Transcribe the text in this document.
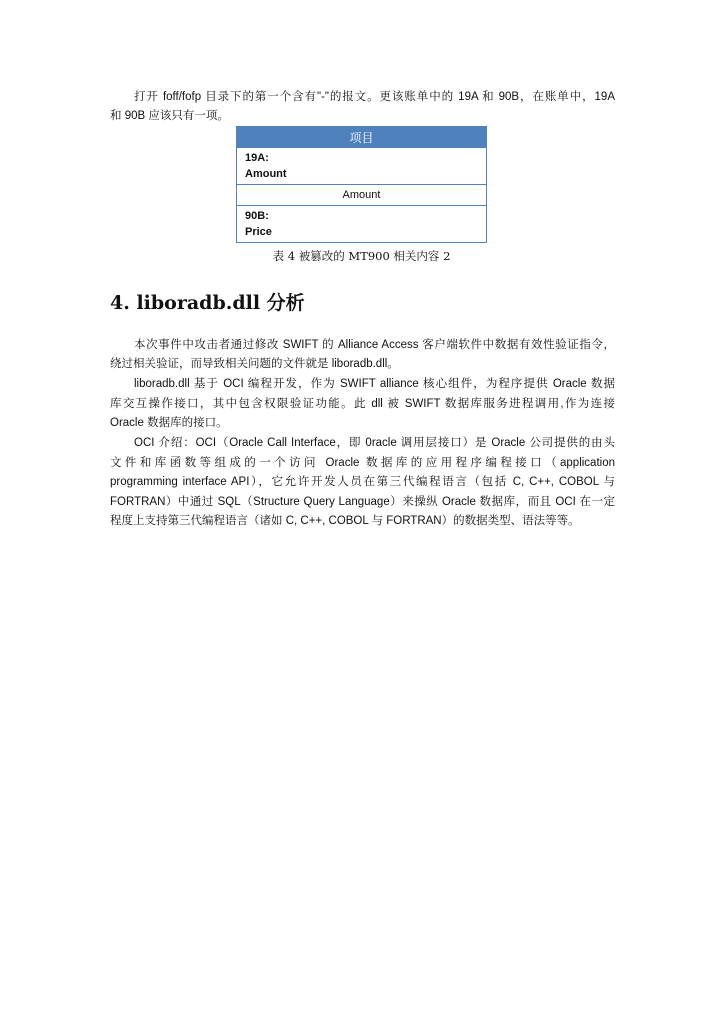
打开 foff/fofp 目录下的第一个含有"-"的报文。更该账单中的 19A 和 90B，在账单中，19A
和 90B 应该只有一项。
项目

19A:
Amount

Amount

90B:
Price
表 4 被篡改的 MT900 相关内容 2
4. liboradb.dll 分析
本次事件中攻击者通过修改 SWIFT 的 Alliance Access 客户端软件中数据有效性验证指令，
绕过相关验证，而导致相关问题的文件就是 liboradb.dll。
liboradb.dll 基于 OCI 编程开发，作为 SWIFT alliance 核心组件，为程序提供 Oracle 数据
库交互操作接口，其中包含权限验证功能。此 dll 被 SWIFT 数据库服务进程调用,作为连接
Oracle 数据库的接口。
OCI 介绍：OCI（Oracle Call Interface，即 0racle 调用层接口）是 Oracle 公司提供的由头
文件和库函数等组成的一个访问 Oracle 数据库的应用程序编程接口（application
programming interface API），它允许开发人员在第三代编程语言（包括 C, C++, COBOL 与
FORTRAN）中通过 SQL（Structure Query Language）来操纵 Oracle 数据库，而且 OCI 在一定
程度上支持第三代编程语言（诸如 C, C++, COBOL 与 FORTRAN）的数据类型、语法等等。
